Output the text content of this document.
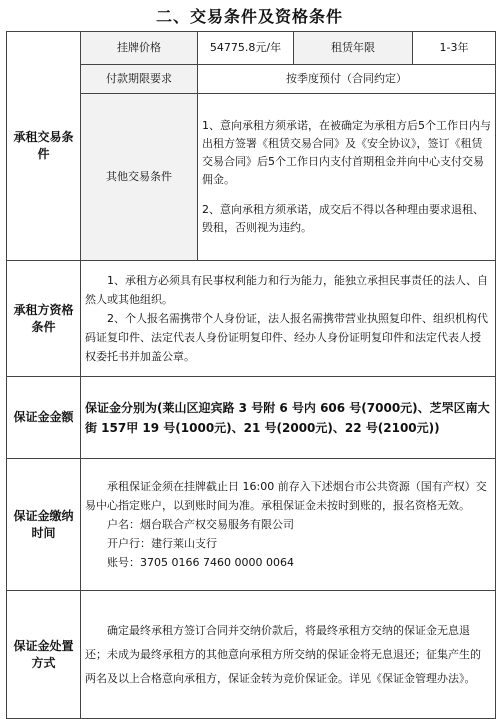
二、交易条件及资格条件
承租交易条件	挂牌价格	54775.8元/年	租赁年限	1-3年
	付款期限要求	按季度预付（合同约定）		
	其他交易条件	1、意向承租方须承诺，在被确定为承租方后5个工作日内与出租方签署《租赁交易合同》及《安全协议》，签订《租赁交易合同》后5个工作日内支付首期租金并向中心支付交易佣金。

2、意向承租方须承诺，成交后不得以各种理由要求退租、毁租，否则视为违约。		

承租方资格条件	1、承租方必须具有民事权利能力和行为能力，能独立承担民事责任的法人、自然人或其他组织。

2、个人报名需携带个人身份证，法人报名需携带营业执照复印件、组织机构代码证复印件、法定代表人身份证明复印件、经办人身份证明复印件和法定代表人授权委托书并加盖公章。			

保证金金额	保证金分别为(莱山区迎宾路 3 号附 6 号内 606 号(7000元)、芝罘区南大街 157甲 19 号(1000元)、21 号(2000元)、22 号(2100元))			
保证金缴纳时间	承租保证金须在挂牌截止日 16:00 前存入下述烟台市公共资源（国有产权）交易中心指定账户，以到账时间为准。承租保证金未按时到账的，报名资格无效。

户名：烟台联合产权交易服务有限公司

开户行：建行莱山支行

账号：3705 0166 7460 0000 0064			

保证金处置方式	确定最终承租方签订合同并交纳价款后，将最终承租方交纳的保证金无息退还；未成为最终承租方的其他意向承租方所交纳的保证金将无息退还；征集产生的两名及以上合格意向承租方，保证金转为竞价保证金。详见《保证金管理办法》。			
